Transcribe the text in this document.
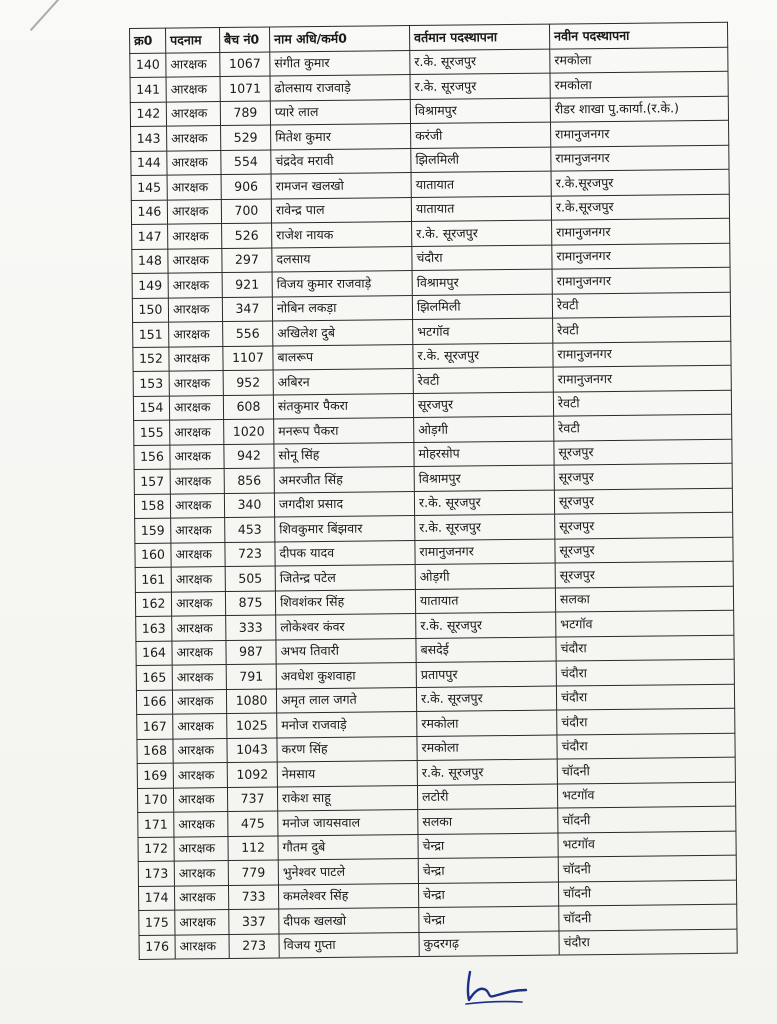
क्र0	पदनाम	बैच नं0	नाम अधि/कर्म0	वर्तमान पदस्थापना	नवीन पदस्थापना
140	आरक्षक	1067	संगीत कुमार	र.के. सूरजपुर	रमकोला
141	आरक्षक	1071	ढोलसाय राजवाड़े	र.के. सूरजपुर	रमकोला
142	आरक्षक	789	प्यारे लाल	विश्रामपुर	रीडर शाखा पु.कार्या.(र.के.)
143	आरक्षक	529	मितेश कुमार	करंजी	रामानुजनगर
144	आरक्षक	554	चंद्रदेव मरावी	झिलमिली	रामानुजनगर
145	आरक्षक	906	रामजन खलखो	यातायात	र.के.सूरजपुर
146	आरक्षक	700	रावेन्द्र पाल	यातायात	र.के.सूरजपुर
147	आरक्षक	526	राजेश नायक	र.के. सूरजपुर	रामानुजनगर
148	आरक्षक	297	दलसाय	चंदौरा	रामानुजनगर
149	आरक्षक	921	विजय कुमार राजवाड़े	विश्रामपुर	रामानुजनगर
150	आरक्षक	347	नोबिन लकड़ा	झिलमिली	रेवटी
151	आरक्षक	556	अखिलेश दुबे	भटगॉव	रेवटी
152	आरक्षक	1107	बालरूप	र.के. सूरजपुर	रामानुजनगर
153	आरक्षक	952	अबिरन	रेवटी	रामानुजनगर
154	आरक्षक	608	संतकुमार पैकरा	सूरजपुर	रेवटी
155	आरक्षक	1020	मनरूप पैकरा	ओड़गी	रेवटी
156	आरक्षक	942	सोनू सिंह	मोहरसोप	सूरजपुर
157	आरक्षक	856	अमरजीत सिंह	विश्रामपुर	सूरजपुर
158	आरक्षक	340	जगदीश प्रसाद	र.के. सूरजपुर	सूरजपुर
159	आरक्षक	453	शिवकुमार बिंझवार	र.के. सूरजपुर	सूरजपुर
160	आरक्षक	723	दीपक यादव	रामानुजनगर	सूरजपुर
161	आरक्षक	505	जितेन्द्र पटेल	ओड़गी	सूरजपुर
162	आरक्षक	875	शिवशंकर सिंह	यातायात	सलका
163	आरक्षक	333	लोकेश्वर कंवर	र.के. सूरजपुर	भटगॉव
164	आरक्षक	987	अभय तिवारी	बसदेई	चंदौरा
165	आरक्षक	791	अवधेश कुशवाहा	प्रतापपुर	चंदौरा
166	आरक्षक	1080	अमृत लाल जगते	र.के. सूरजपुर	चंदौरा
167	आरक्षक	1025	मनोज राजवाड़े	रमकोला	चंदौरा
168	आरक्षक	1043	करण सिंह	रमकोला	चंदौरा
169	आरक्षक	1092	नेमसाय	र.के. सूरजपुर	चॉदनी
170	आरक्षक	737	राकेश साहू	लटोरी	भटगॉव
171	आरक्षक	475	मनोज जायसवाल	सलका	चॉदनी
172	आरक्षक	112	गौतम दुबे	चेन्द्रा	भटगॉव
173	आरक्षक	779	भुनेश्वर पाटले	चेन्द्रा	चॉदनी
174	आरक्षक	733	कमलेश्वर सिंह	चेन्द्रा	चॉदनी
175	आरक्षक	337	दीपक खलखो	चेन्द्रा	चॉदनी
176	आरक्षक	273	विजय गुप्ता	कुदरगढ़	चंदौरा
